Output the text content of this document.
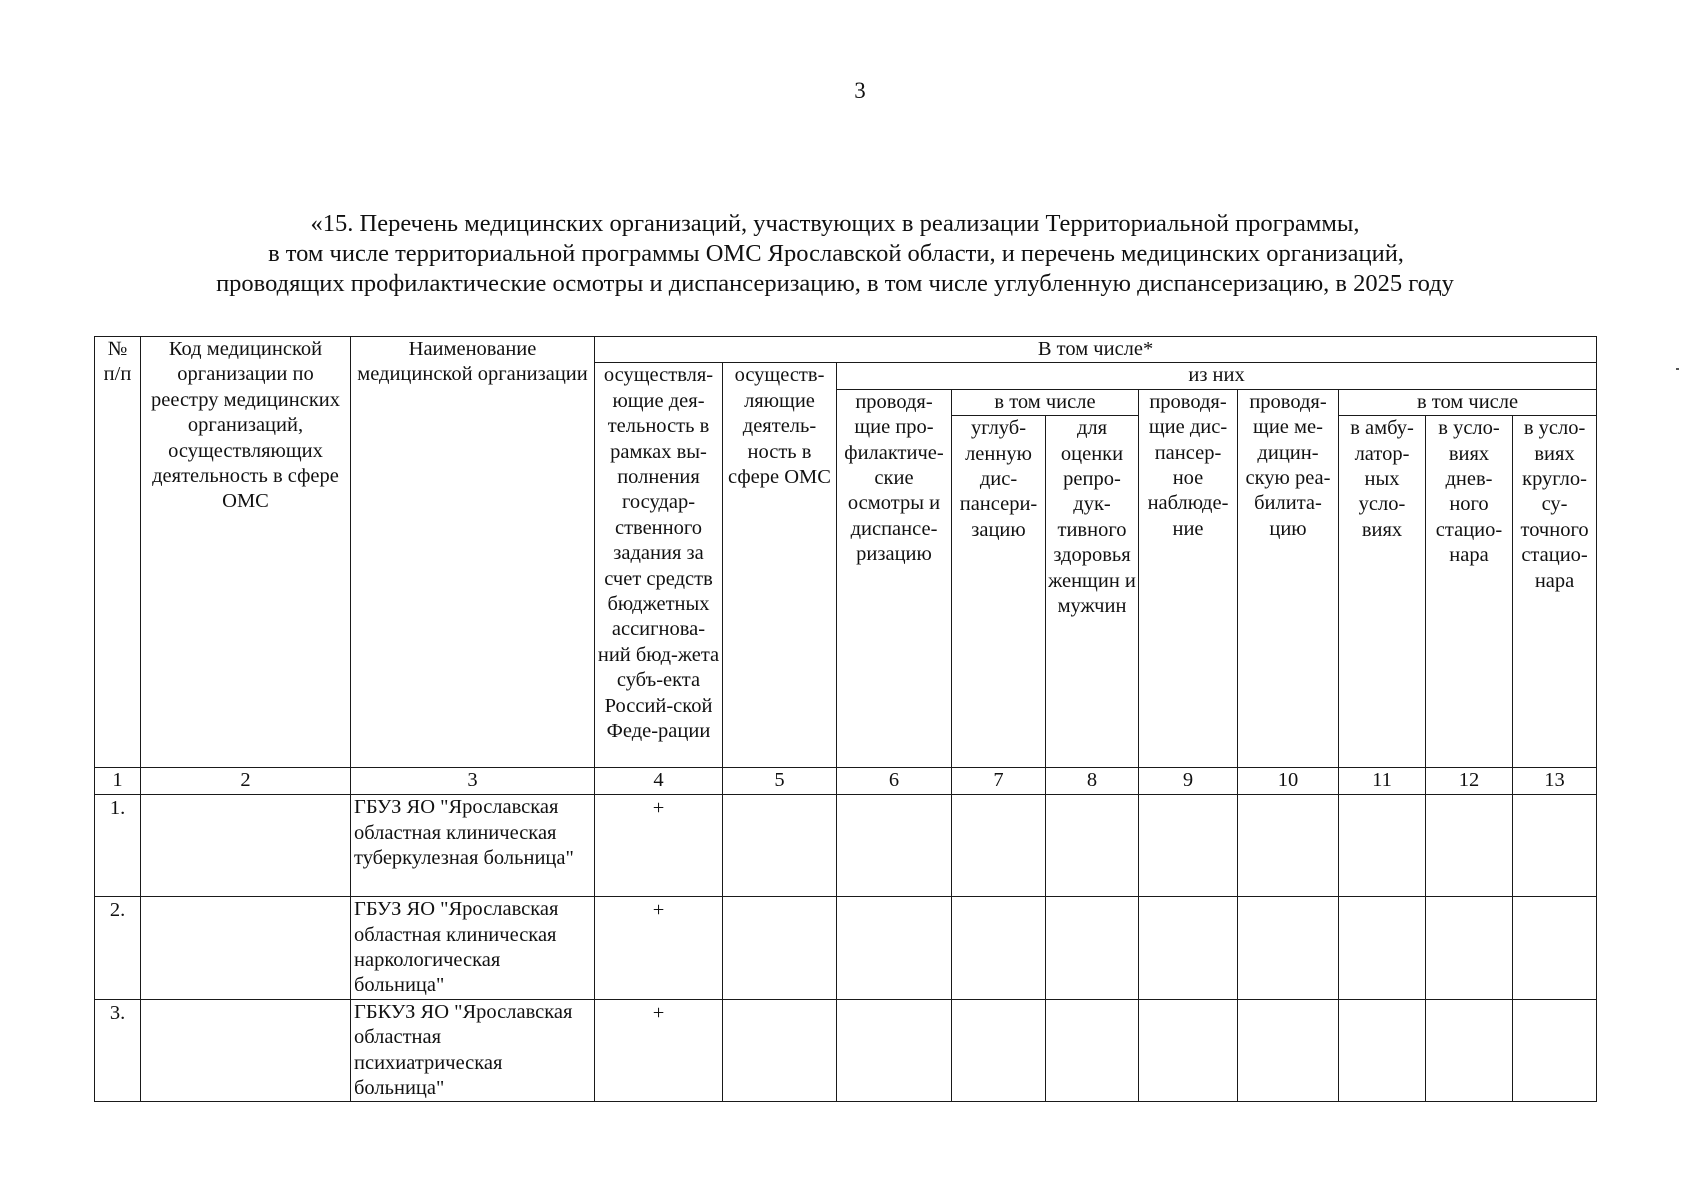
3
«15. Перечень медицинских организаций, участвующих в реализации Территориальной программы,
в том числе территориальной программы ОМС Ярославской области, и перечень медицинских организаций,
проводящих профилактические осмотры и диспансеризацию, в том числе углубленную диспансеризацию, в 2025 году
№ п/п	Код медицинской организации по реестру медицинских организаций, осуществляющих деятельность в сфере ОМС	Наименование медицинской организации	В том числе*									
			осуществля-ющие дея-тельность в рамках вы-полнения государ-ственного задания за счет средств бюджетных ассигнова-ний бюд-жета субъ-екта Россий-ской Феде-рации	осуществ-ляющие деятель-ность в сфере ОМС	из них							
					проводя-щие про-филактиче-ские осмотры и диспансе-ризацию	в том числе		проводя-щие дис-пансер-ное наблюде-ние	проводя-щие ме-дицин-скую реа-билита-цию	в том числе		
						углуб-ленную дис-пансери-зацию	для оценки репро-дук-тивного здоровья женщин и мужчин			в амбу-латор-ных усло-виях	в усло-виях днев-ного стацио-нара	в усло-виях кругло-су-точного стацио-нара
1	2	3	4	5	6	7	8	9	10	11	12	13
1.		ГБУЗ ЯО "Ярославская областная клиническая туберкулезная больница"	+									
2.		ГБУЗ ЯО "Ярославская областная клиническая наркологическая больница"	+									
3.		ГБКУЗ ЯО "Ярославская областная психиатрическая больница"	+									
